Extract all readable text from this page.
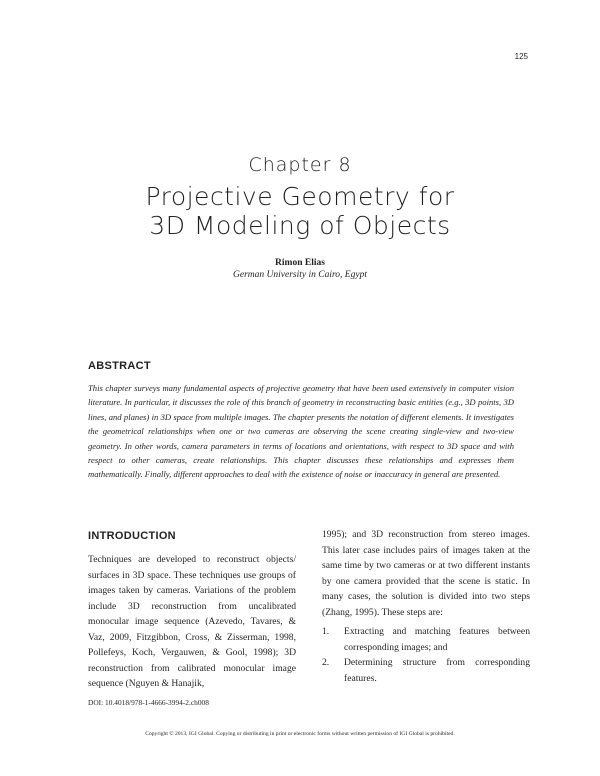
125
Chapter 8
Projective Geometry for
3D Modeling of Objects
Rimon Elias
German University in Cairo, Egypt
ABSTRACT
This chapter surveys many fundamental aspects of projective geometry that have been used extensively in computer vision literature. In particular, it discusses the role of this branch of geometry in reconstructing basic entities (e.g., 3D points, 3D lines, and planes) in 3D space from multiple images. The chapter presents the notation of different elements. It investigates the geometrical relationships when one or two cameras are observing the scene creating single-view and two-view geometry. In other words, camera parameters in terms of locations and orientations, with respect to 3D space and with respect to other cameras, create relationships. This chapter discusses these relationships and expresses them mathematically. Finally, different approaches to deal with the existence of noise or inaccuracy in general are presented.
INTRODUCTION
Techniques are developed to reconstruct objects/ surfaces in 3D space. These techniques use groups of images taken by cameras. Variations of the problem include 3D reconstruction from uncalibrated monocular image sequence (Azevedo, Tavares, & Vaz, 2009, Fitzgibbon, Cross, & Zisserman, 1998, Pollefeys, Koch, Vergauwen, & Gool, 1998); 3D reconstruction from calibrated monocular image sequence (Nguyen & Hanajik,
1995); and 3D reconstruction from stereo images. This later case includes pairs of images taken at the same time by two cameras or at two different instants by one camera provided that the scene is static. In many cases, the solution is divided into two steps (Zhang, 1995). These steps are:
1.	Extracting and matching features between corresponding images; and
2.	Determining structure from corresponding features.
DOI: 10.4018/978-1-4666-3994-2.ch008
Copyright © 2013, IGI Global. Copying or distributing in print or electronic forms without written permission of IGI Global is prohibited.
